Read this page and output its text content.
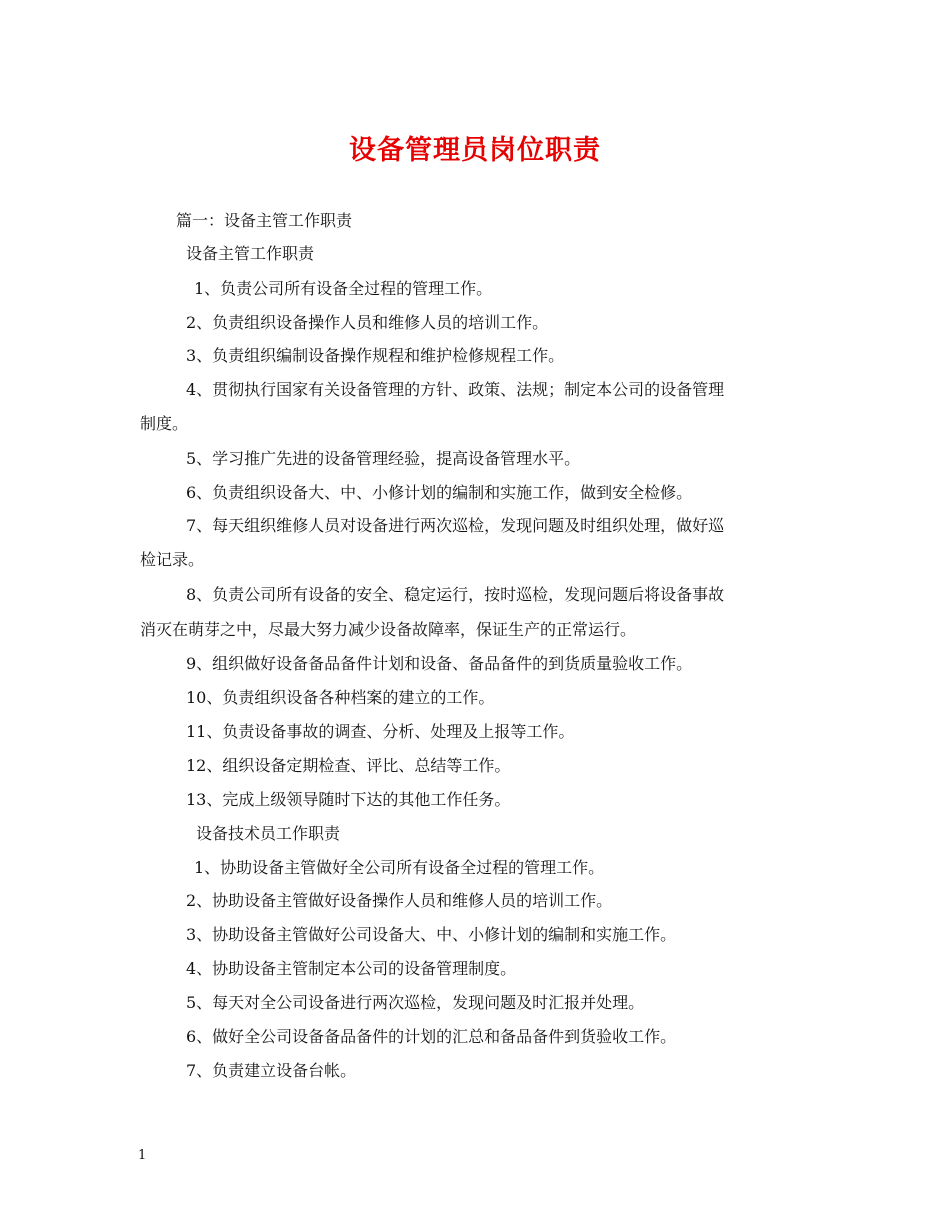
设备管理员岗位职责
篇一：设备主管工作职责
设备主管工作职责
1、负责公司所有设备全过程的管理工作。
2、负责组织设备操作人员和维修人员的培训工作。
3、负责组织编制设备操作规程和维护检修规程工作。
4、贯彻执行国家有关设备管理的方针、政策、法规；制定本公司的设备管理
制度。
5、学习推广先进的设备管理经验，提高设备管理水平。
6、负责组织设备大、中、小修计划的编制和实施工作，做到安全检修。
7、每天组织维修人员对设备进行两次巡检，发现问题及时组织处理，做好巡
检记录。
8、负责公司所有设备的安全、稳定运行，按时巡检，发现问题后将设备事故
消灭在萌芽之中，尽最大努力减少设备故障率，保证生产的正常运行。
9、组织做好设备备品备件计划和设备、备品备件的到货质量验收工作。
10、负责组织设备各种档案的建立的工作。
11、负责设备事故的调查、分析、处理及上报等工作。
12、组织设备定期检查、评比、总结等工作。
13、完成上级领导随时下达的其他工作任务。
设备技术员工作职责
1、协助设备主管做好全公司所有设备全过程的管理工作。
2、协助设备主管做好设备操作人员和维修人员的培训工作。
3、协助设备主管做好公司设备大、中、小修计划的编制和实施工作。
4、协助设备主管制定本公司的设备管理制度。
5、每天对全公司设备进行两次巡检，发现问题及时汇报并处理。
6、做好全公司设备备品备件的计划的汇总和备品备件到货验收工作。
7、负责建立设备台帐。
1
